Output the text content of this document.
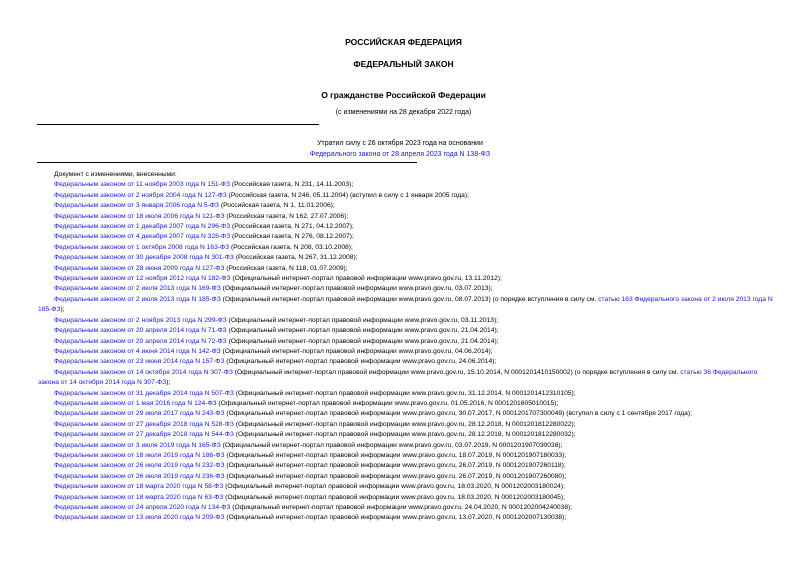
РОССИЙСКАЯ ФЕДЕРАЦИЯ
ФЕДЕРАЛЬНЫЙ ЗАКОН
О гражданстве Российской Федерации
(с изменениями на 28 декабря 2022 года)
Утратил силу с 26 октября 2023 года на основании
Федерального закона от 28 апреля 2023 года N 138-ФЗ
Документ с изменениями, внесенными:
Федеральным законом от 11 ноября 2003 года N 151-ФЗ (Российская газета, N 231, 14.11.2003);
Федеральным законом от 2 ноября 2004 года N 127-ФЗ (Российская газета, N 246, 05.11.2004) (вступил в силу с 1 января 2005 года);
Федеральным законом от 3 января 2006 года N 5-ФЗ (Российская газета, N 1, 11.01.2006);
Федеральным законом от 18 июля 2006 года N 121-ФЗ (Российская газета, N 162, 27.07.2006);
Федеральным законом от 1 декабря 2007 года N 296-ФЗ (Российская газета, N 271, 04.12.2007);
Федеральным законом от 4 декабря 2007 года N 328-ФЗ (Российская газета, N 276, 08.12.2007);
Федеральным законом от 1 октября 2008 года N 163-ФЗ (Российская газета, N 208, 03.10.2008);
Федеральным законом от 30 декабря 2008 года N 301-ФЗ (Российская газета, N 267, 31.12.2008);
Федеральным законом от 28 июня 2009 года N 127-ФЗ (Российская газета, N 118, 01.07.2009);
Федеральным законом от 12 ноября 2012 года N 182-ФЗ (Официальный интернет-портал правовой информации www.pravo.gov.ru, 13.11.2012);
Федеральным законом от 2 июля 2013 года N 169-ФЗ (Официальный интернет-портал правовой информации www.pravo.gov.ru, 03.07.2013);
Федеральным законом от 2 июля 2013 года N 185-ФЗ (Официальный интернет-портал правовой информации www.pravo.gov.ru, 08.07.2013) (о порядке вступления в силу см. статью 163 Федерального закона от 2 июля 2013 года N 185-ФЗ);
Федеральным законом от 2 ноября 2013 года N 299-ФЗ (Официальный интернет-портал правовой информации www.pravo.gov.ru, 03.11.2013);
Федеральным законом от 20 апреля 2014 года N 71-ФЗ (Официальный интернет-портал правовой информации www.pravo.gov.ru, 21.04.2014);
Федеральным законом от 20 апреля 2014 года N 72-ФЗ (Официальный интернет-портал правовой информации www.pravo.gov.ru, 21.04.2014);
Федеральным законом от 4 июня 2014 года N 142-ФЗ (Официальный интернет-портал правовой информации www.pravo.gov.ru, 04.06.2014);
Федеральным законом от 23 июня 2014 года N 157-ФЗ (Официальный интернет-портал правовой информации www.pravo.gov.ru, 24.06.2014);
Федеральным законом от 14 октября 2014 года N 307-ФЗ (Официальный интернет-портал правовой информации www.pravo.gov.ru, 15.10.2014, N 0001201410150002) (о порядке вступления в силу см. статью 36 Федерального закона от 14 октября 2014 года N 307-ФЗ);
Федеральным законом от 31 декабря 2014 года N 507-ФЗ (Официальный интернет-портал правовой информации www.pravo.gov.ru, 31.12.2014, N 0001201412310105);
Федеральным законом от 1 мая 2016 года N 124-ФЗ (Официальный интернет-портал правовой информации www.pravo.gov.ru, 01.05.2016, N 0001201605010015);
Федеральным законом от 29 июля 2017 года N 243-ФЗ (Официальный интернет-портал правовой информации www.pravo.gov.ru, 30.07.2017, N 0001201707300049) (вступил в силу с 1 сентября 2017 года);
Федеральным законом от 27 декабря 2018 года N 528-ФЗ (Официальный интернет-портал правовой информации www.pravo.gov.ru, 28.12.2018, N 0001201812280022);
Федеральным законом от 27 декабря 2018 года N 544-ФЗ (Официальный интернет-портал правовой информации www.pravo.gov.ru, 28.12.2018, N 0001201812280032);
Федеральным законом от 3 июля 2019 года N 165-ФЗ (Официальный интернет-портал правовой информации www.pravo.gov.ru, 03.07.2019, N 0001201907030038);
Федеральным законом от 18 июля 2019 года N 186-ФЗ (Официальный интернет-портал правовой информации www.pravo.gov.ru, 18.07.2019, N 0001201907180033);
Федеральным законом от 26 июля 2019 года N 232-ФЗ (Официальный интернет-портал правовой информации www.pravo.gov.ru, 26.07.2019, N 0001201907260118);
Федеральным законом от 26 июля 2019 года N 236-ФЗ (Официальный интернет-портал правовой информации www.pravo.gov.ru, 26.07.2019, N 0001201907260080);
Федеральным законом от 18 марта 2020 года N 58-ФЗ (Официальный интернет-портал правовой информации www.pravo.gov.ru, 18.03.2020, N 0001202003180024);
Федеральным законом от 18 марта 2020 года N 63-ФЗ (Официальный интернет-портал правовой информации www.pravo.gov.ru, 18.03.2020, N 0001202003180045);
Федеральным законом от 24 апреля 2020 года N 134-ФЗ (Официальный интернет-портал правовой информации www.pravo.gov.ru, 24.04.2020, N 0001202004240038);
Федеральным законом от 13 июля 2020 года N 209-ФЗ (Официальный интернет-портал правовой информации www.pravo.gov.ru, 13.07.2020, N 0001202007130038);
